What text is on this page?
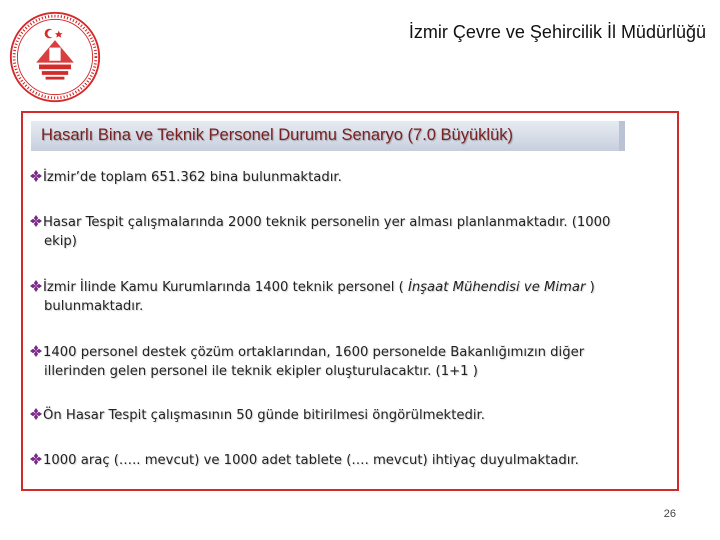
İzmir Çevre ve Şehircilik İl Müdürlüğü
Hasarlı Bina ve Teknik Personel Durumu Senaryo (7.0 Büyüklük)
İzmir’de toplam 651.362 bina bulunmaktadır.
Hasar Tespit çalışmalarında 2000 teknik personelin yer alması planlanmaktadır. (1000
ekip)
İzmir İlinde Kamu Kurumlarında 1400 teknik personel ( İnşaat Mühendisi ve Mimar )
bulunmaktadır.
1400 personel destek çözüm ortaklarından, 1600 personelde Bakanlığımızın diğer
illerinden gelen personel ile teknik ekipler oluşturulacaktır. (1+1 )
Ön Hasar Tespit çalışmasının 50 günde bitirilmesi öngörülmektedir.
1000 araç (….. mevcut) ve 1000 adet tablete (…. mevcut) ihtiyaç duyulmaktadır.
26
